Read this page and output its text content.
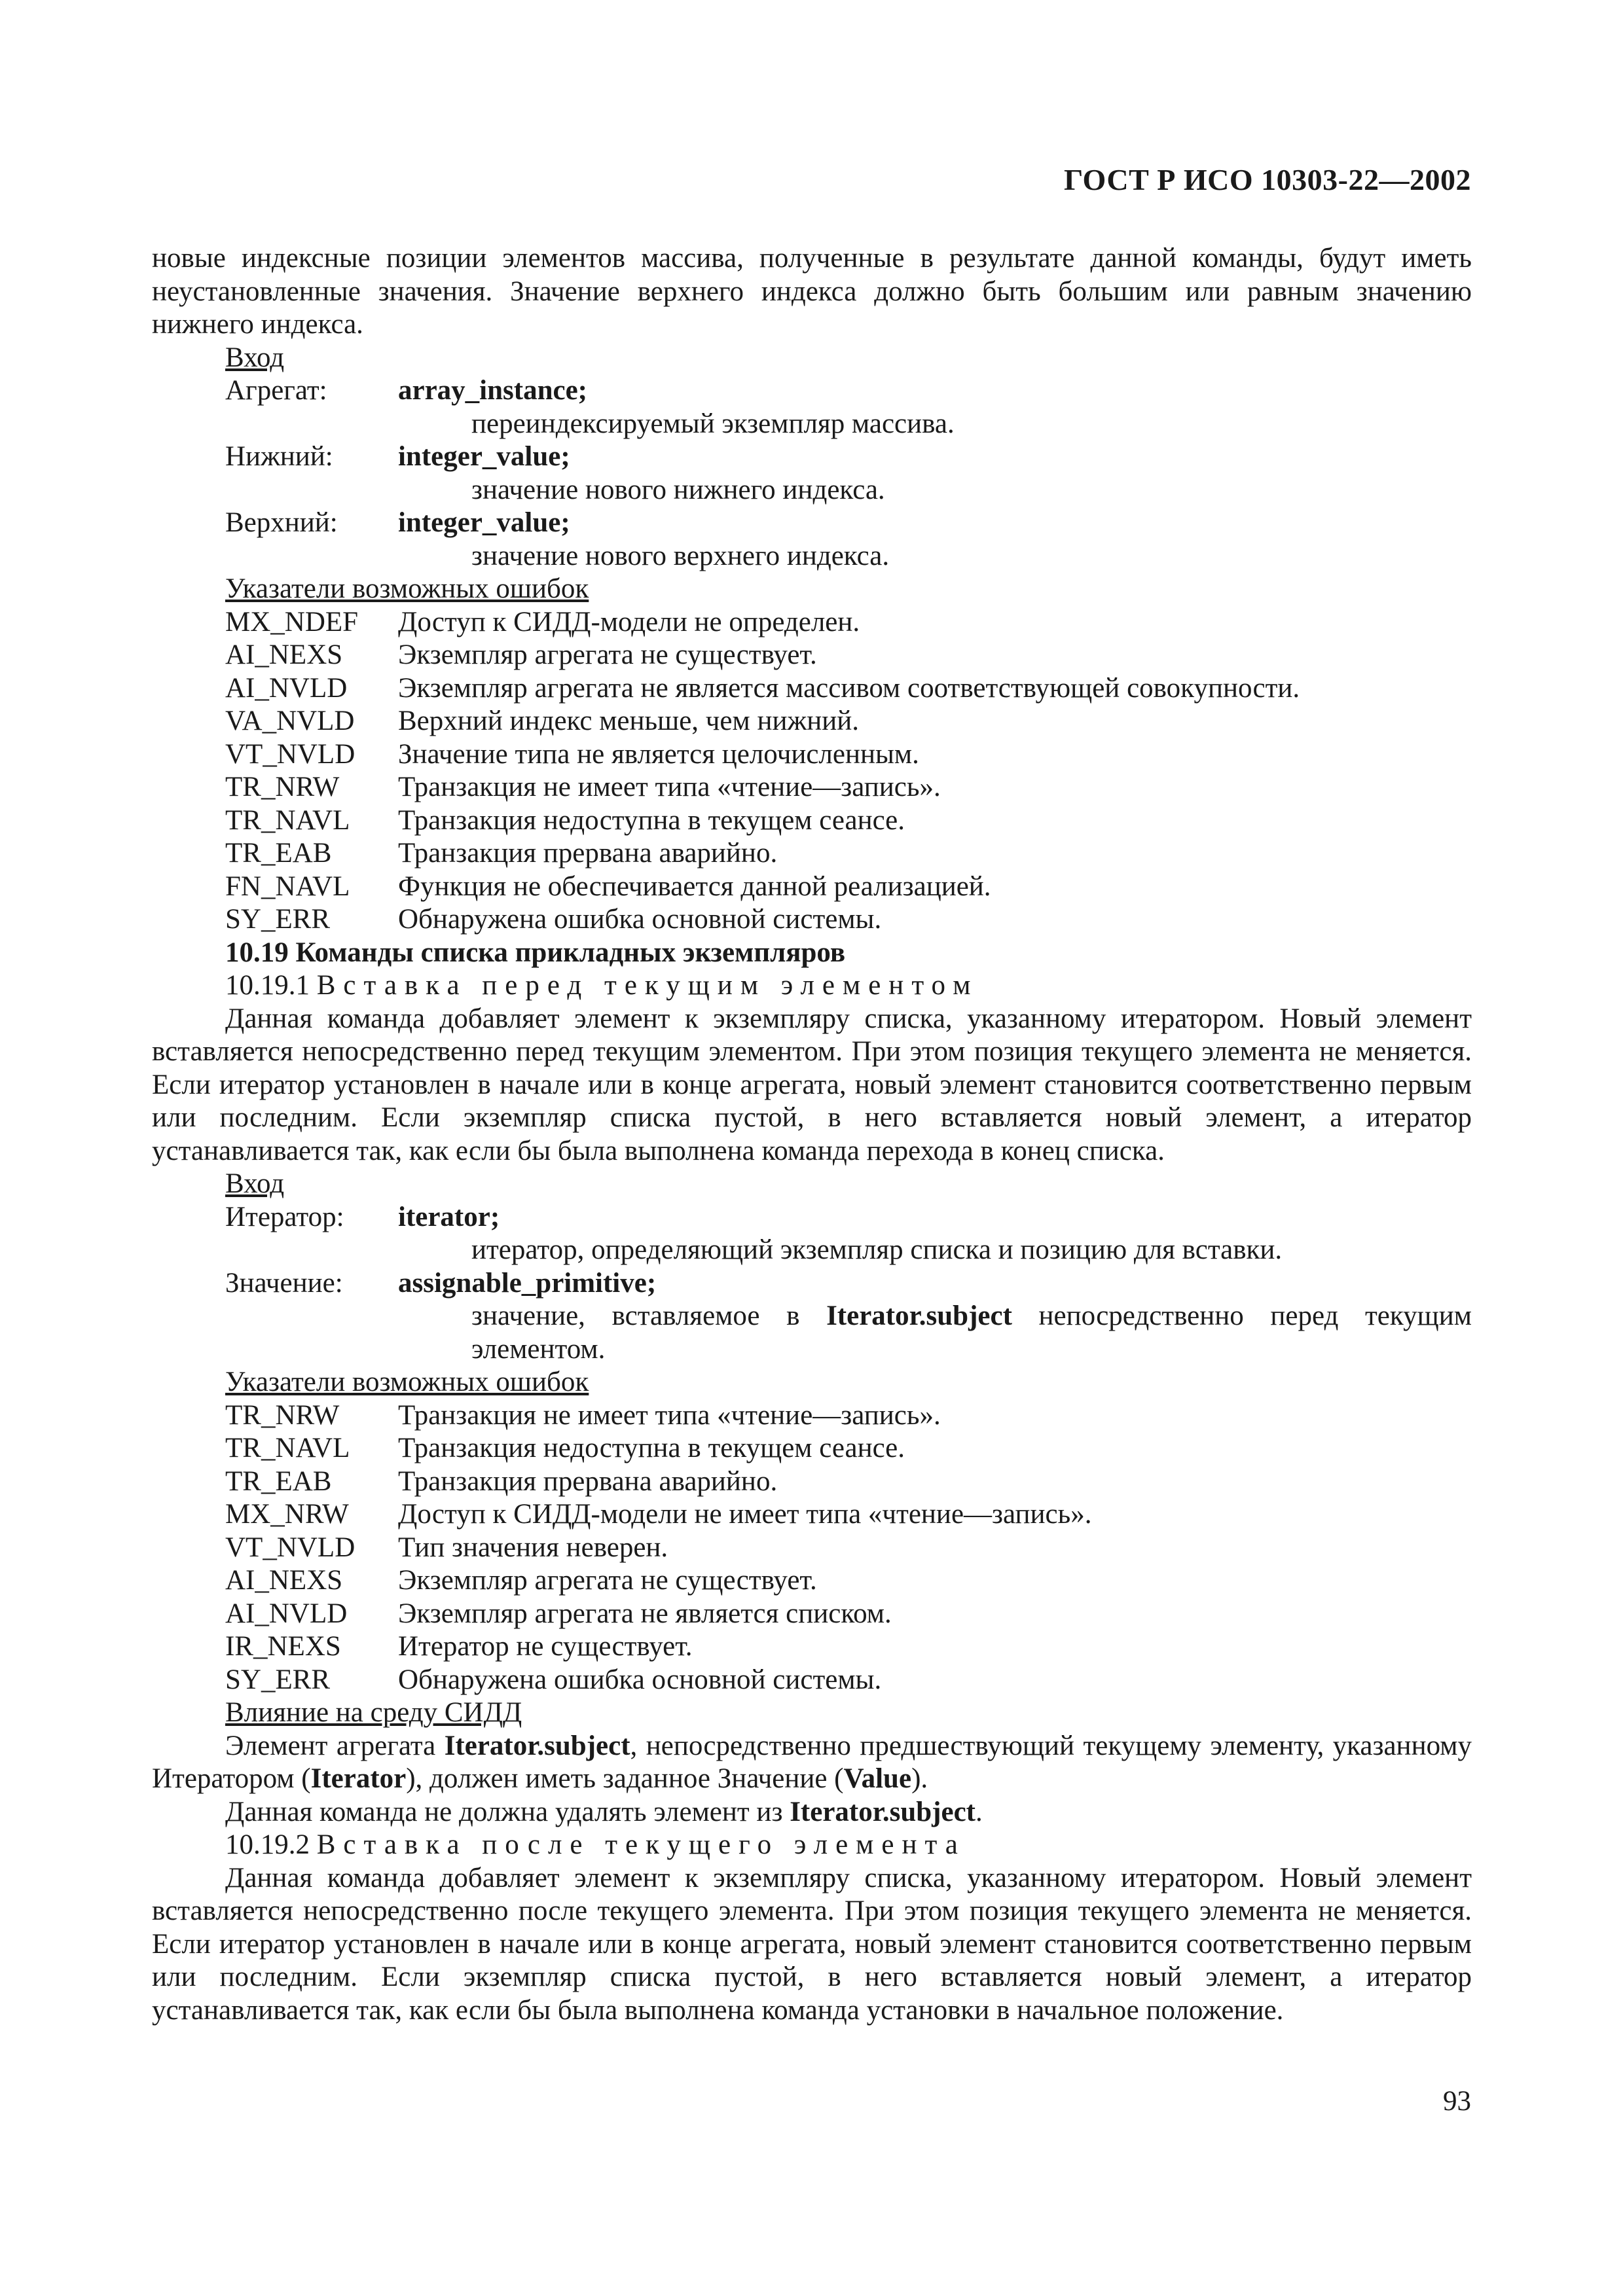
ГОСТ Р ИСО 10303-22—2002

новые индексные позиции элементов массива, полученные в результате данной команды, будут иметь неустановленные значения. Значение верхнего индекса должно быть большим или равным значению нижнего индекса.

Вход
Агрегат:	array_instance;
переиндексируемый экземпляр массива.
Нижний:	integer_value;
значение нового нижнего индекса.
Верхний:	integer_value;
значение нового верхнего индекса.
Указатели возможных ошибок
MX_NDEF	Доступ к СИДД-модели не определен.
AI_NEXS	Экземпляр агрегата не существует.
AI_NVLD	Экземпляр агрегата не является массивом соответствующей совокупности.
VA_NVLD	Верхний индекс меньше, чем нижний.
VT_NVLD	Значение типа не является целочисленным.
TR_NRW	Транзакция не имеет типа «чтение—запись».
TR_NAVL	Транзакция недоступна в текущем сеансе.
TR_EAB	Транзакция прервана аварийно.
FN_NAVL	Функция не обеспечивается данной реализацией.
SY_ERR	Обнаружена ошибка основной системы.
10.19 Команды списка прикладных экземпляров
10.19.1 Вставка перед текущим элементом

Данная команда добавляет элемент к экземпляру списка, указанному итератором. Новый элемент вставляется непосредственно перед текущим элементом. При этом позиция текущего элемента не меняется. Если итератор установлен в начале или в конце агрегата, новый элемент становится соответственно первым или последним. Если экземпляр списка пустой, в него вставляется новый элемент, а итератор устанавливается так, как если бы была выполнена команда перехода в конец списка.

Вход
Итератор:	iterator;
итератор, определяющий экземпляр списка и позицию для вставки.
Значение:	assignable_primitive;
значение, вставляемое в Iterator.subject непосредственно перед текущим элементом.
Указатели возможных ошибок
TR_NRW	Транзакция не имеет типа «чтение—запись».
TR_NAVL	Транзакция недоступна в текущем сеансе.
TR_EAB	Транзакция прервана аварийно.
MX_NRW	Доступ к СИДД-модели не имеет типа «чтение—запись».
VT_NVLD	Тип значения неверен.
AI_NEXS	Экземпляр агрегата не существует.
AI_NVLD	Экземпляр агрегата не является списком.
IR_NEXS	Итератор не существует.
SY_ERR	Обнаружена ошибка основной системы.
Влияние на среду СИДД

Элемент агрегата Iterator.subject, непосредственно предшествующий текущему элементу, указанному Итератором (Iterator), должен иметь заданное Значение (Value).

Данная команда не должна удалять элемент из Iterator.subject.

10.19.2 Вставка после текущего элемента

Данная команда добавляет элемент к экземпляру списка, указанному итератором. Новый элемент вставляется непосредственно после текущего элемента. При этом позиция текущего элемента не меняется. Если итератор установлен в начале или в конце агрегата, новый элемент становится соответственно первым или последним. Если экземпляр списка пустой, в него вставляется новый элемент, а итератор устанавливается так, как если бы была выполнена команда установки в начальное положение.

93
